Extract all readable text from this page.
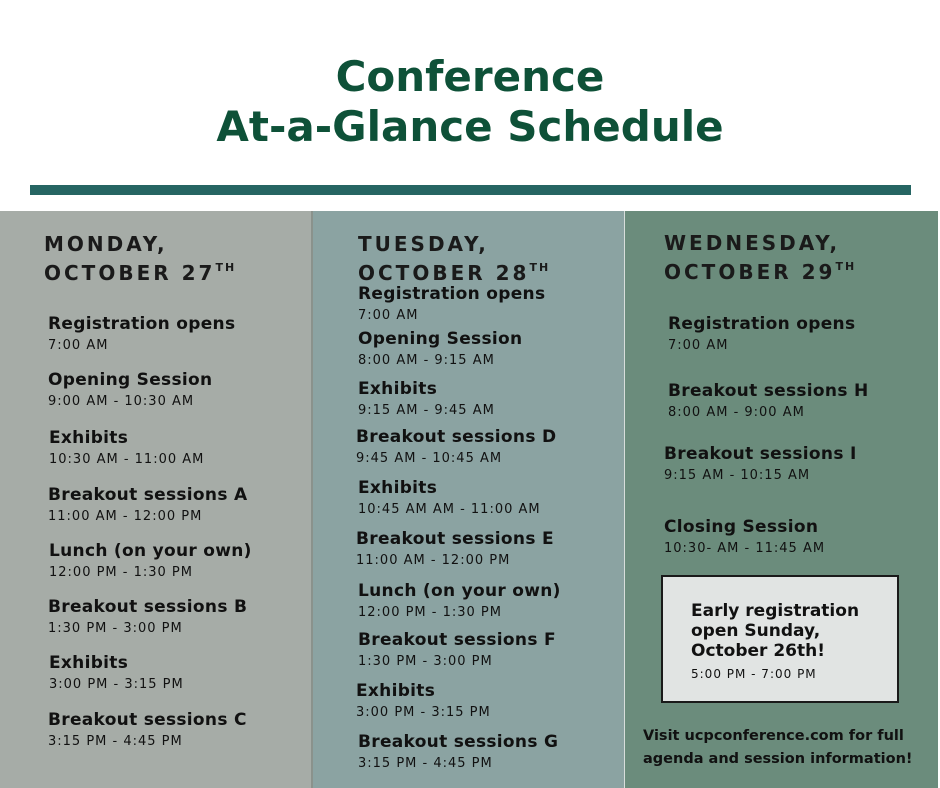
Conference
At-a-Glance Schedule
MONDAY,
OCTOBER 27TH
Registration opens
7:00 AM
Opening Session
9:00 AM - 10:30 AM
Exhibits
10:30 AM - 11:00 AM
Breakout sessions A
11:00 AM - 12:00 PM
Lunch (on your own)
12:00 PM - 1:30 PM
Breakout sessions B
1:30 PM - 3:00 PM
Exhibits
3:00 PM - 3:15 PM
Breakout sessions C
3:15 PM - 4:45 PM
TUESDAY,
OCTOBER 28TH
Registration opens
7:00 AM
Opening Session
8:00 AM - 9:15 AM
Exhibits
9:15 AM - 9:45 AM
Breakout sessions D
9:45 AM - 10:45 AM
Exhibits
10:45 AM AM - 11:00 AM
Breakout sessions E
11:00 AM - 12:00 PM
Lunch (on your own)
12:00 PM - 1:30 PM
Breakout sessions F
1:30 PM - 3:00 PM
Exhibits
3:00 PM - 3:15 PM
Breakout sessions G
3:15 PM - 4:45 PM
WEDNESDAY,
OCTOBER 29TH
Registration opens
7:00 AM
Breakout sessions H
8:00 AM - 9:00 AM
Breakout sessions I
9:15 AM - 10:15 AM
Closing Session
10:30- AM - 11:45 AM
Early registration open Sunday, October 26th!
5:00 PM - 7:00 PM
Visit ucpconference.com for full agenda and session information!
